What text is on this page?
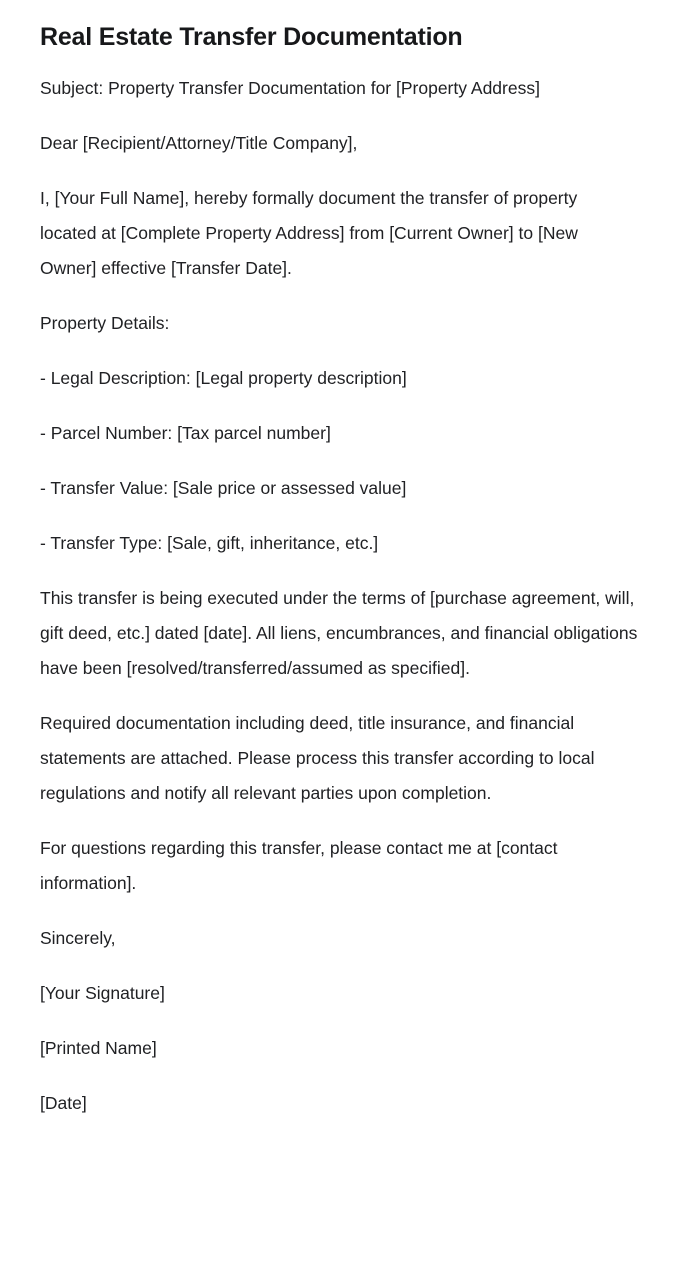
Real Estate Transfer Documentation

Subject: Property Transfer Documentation for [Property Address]

Dear [Recipient/Attorney/Title Company],

I, [Your Full Name], hereby formally document the transfer of property located at [Complete Property Address] from [Current Owner] to [New Owner] effective [Transfer Date].

Property Details:

- Legal Description: [Legal property description]

- Parcel Number: [Tax parcel number]

- Transfer Value: [Sale price or assessed value]

- Transfer Type: [Sale, gift, inheritance, etc.]

This transfer is being executed under the terms of [purchase agreement, will, gift deed, etc.] dated [date]. All liens, encumbrances, and financial obligations have been [resolved/transferred/assumed as specified].

Required documentation including deed, title insurance, and financial statements are attached. Please process this transfer according to local regulations and notify all relevant parties upon completion.

For questions regarding this transfer, please contact me at [contact information].

Sincerely,

[Your Signature]

[Printed Name]

[Date]
